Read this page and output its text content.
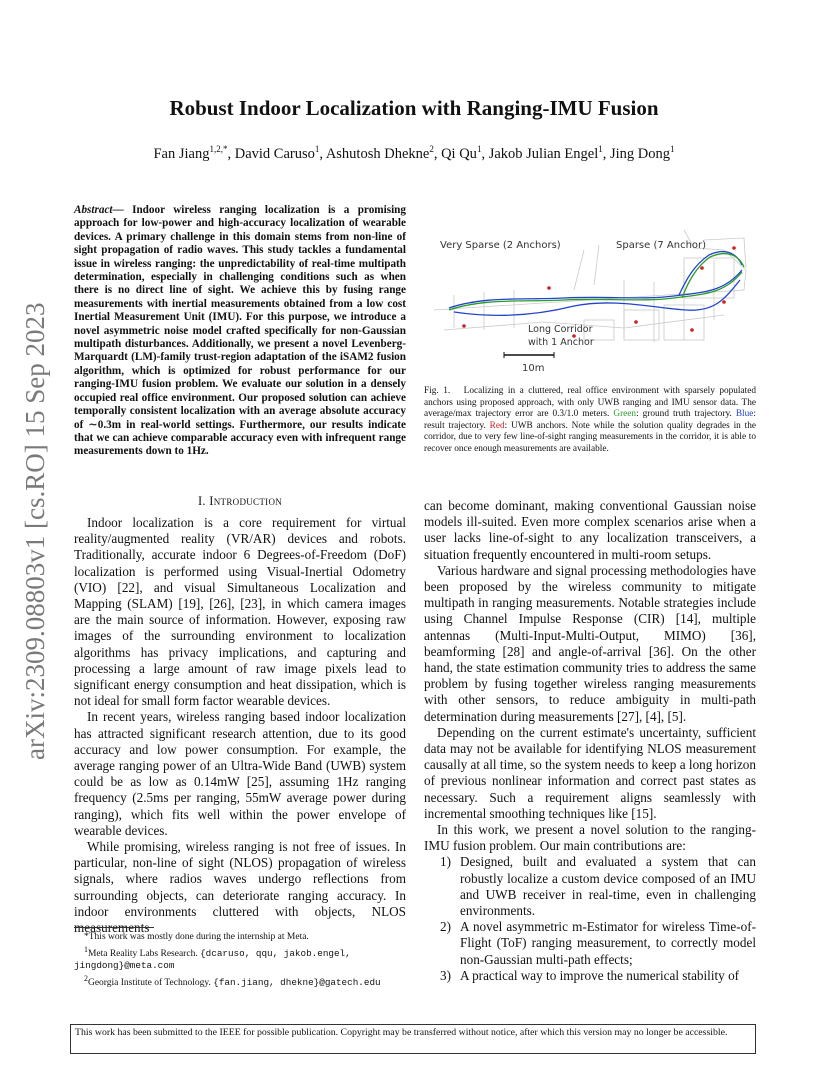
Robust Indoor Localization with Ranging-IMU Fusion
Fan Jiang$^{1,2,*}$, David Caruso$^1$, Ashutosh Dhekne$^2$, Qi Qu$^1$, Jakob Julian Engel$^1$, Jing Dong$^1$
arXiv:2309.08803v1 [cs.RO] 15 Sep 2023
Abstract— Indoor wireless ranging localization is a promising approach for low-power and high-accuracy localization of wearable devices. A primary challenge in this domain stems from non-line of sight propagation of radio waves. This study tackles a fundamental issue in wireless ranging: the unpredictability of real-time multipath determination, especially in challenging conditions such as when there is no direct line of sight. We achieve this by fusing range measurements with inertial measurements obtained from a low cost Inertial Measurement Unit (IMU). For this purpose, we introduce a novel asymmetric noise model crafted specifically for non-Gaussian multipath disturbances. Additionally, we present a novel Levenberg-Marquardt (LM)-family trust-region adaptation of the iSAM2 fusion algorithm, which is optimized for robust performance for our ranging-IMU fusion problem. We evaluate our solution in a densely occupied real office environment. Our proposed solution can achieve temporally consistent localization with an average absolute accuracy of ∼0.3m in real-world settings. Furthermore, our results indicate that we can achieve comparable accuracy even with infrequent range measurements down to 1Hz.
Very Sparse (2 Anchors)	Sparse (7 Anchor)
Long Corridor
with 1 Anchor
10m
Fig. 1. Localizing in a cluttered, real office environment with sparsely populated anchors using proposed approach, with only UWB ranging and IMU sensor data. The average/max trajectory error are 0.3/1.0 meters. Green: ground truth trajectory. Blue: result trajectory. Red: UWB anchors. Note while the solution quality degrades in the corridor, due to very few line-of-sight ranging measurements in the corridor, it is able to recover once enough measurements are available.
I. Introduction

Indoor localization is a core requirement for virtual reality/augmented reality (VR/AR) devices and robots. Traditionally, accurate indoor 6 Degrees-of-Freedom (DoF) localization is performed using Visual-Inertial Odometry (VIO) [22], and visual Simultaneous Localization and Mapping (SLAM) [19], [26], [23], in which camera images are the main source of information. However, exposing raw images of the surrounding environment to localization algorithms has privacy implications, and capturing and processing a large amount of raw image pixels lead to significant energy consumption and heat dissipation, which is not ideal for small form factor wearable devices.

In recent years, wireless ranging based indoor localization has attracted significant research attention, due to its good accuracy and low power consumption. For example, the average ranging power of an Ultra-Wide Band (UWB) system could be as low as 0.14mW [25], assuming 1Hz ranging frequency (2.5ms per ranging, 55mW average power during ranging), which fits well within the power envelope of wearable devices.

While promising, wireless ranging is not free of issues. In particular, non-line of sight (NLOS) propagation of wireless signals, where radios waves undergo reflections from surrounding objects, can deteriorate ranging accuracy. In indoor environments cluttered with objects, NLOS measurements

*This work was mostly done during the internship at Meta.
$^1$Meta Reality Labs Research. {dcaruso, qqu, jakob.engel, jingdong}@meta.com
$^2$Georgia Institute of Technology. {fan.jiang, dhekne}@gatech.edu

can become dominant, making conventional Gaussian noise models ill-suited. Even more complex scenarios arise when a user lacks line-of-sight to any localization transceivers, a situation frequently encountered in multi-room setups.

Various hardware and signal processing methodologies have been proposed by the wireless community to mitigate multipath in ranging measurements. Notable strategies include using Channel Impulse Response (CIR) [14], multiple antennas (Multi-Input-Multi-Output, MIMO) [36], beamforming [28] and angle-of-arrival [36]. On the other hand, the state estimation community tries to address the same problem by fusing together wireless ranging measurements with other sensors, to reduce ambiguity in multi-path determination during measurements [27], [4], [5].

Depending on the current estimate's uncertainty, sufficient data may not be available for identifying NLOS measurement causally at all time, so the system needs to keep a long horizon of previous nonlinear information and correct past states as necessary. Such a requirement aligns seamlessly with incremental smoothing techniques like [15].

In this work, we present a novel solution to the ranging-IMU fusion problem. Our main contributions are:

1) Designed, built and evaluated a system that can robustly localize a custom device composed of an IMU and UWB receiver in real-time, even in challenging environments.
2) A novel asymmetric m-Estimator for wireless Time-of-Flight (ToF) ranging measurement, to correctly model non-Gaussian multi-path effects;
3) A practical way to improve the numerical stability of
This work has been submitted to the IEEE for possible publication. Copyright may be transferred without notice, after which this version may no longer be accessible.
